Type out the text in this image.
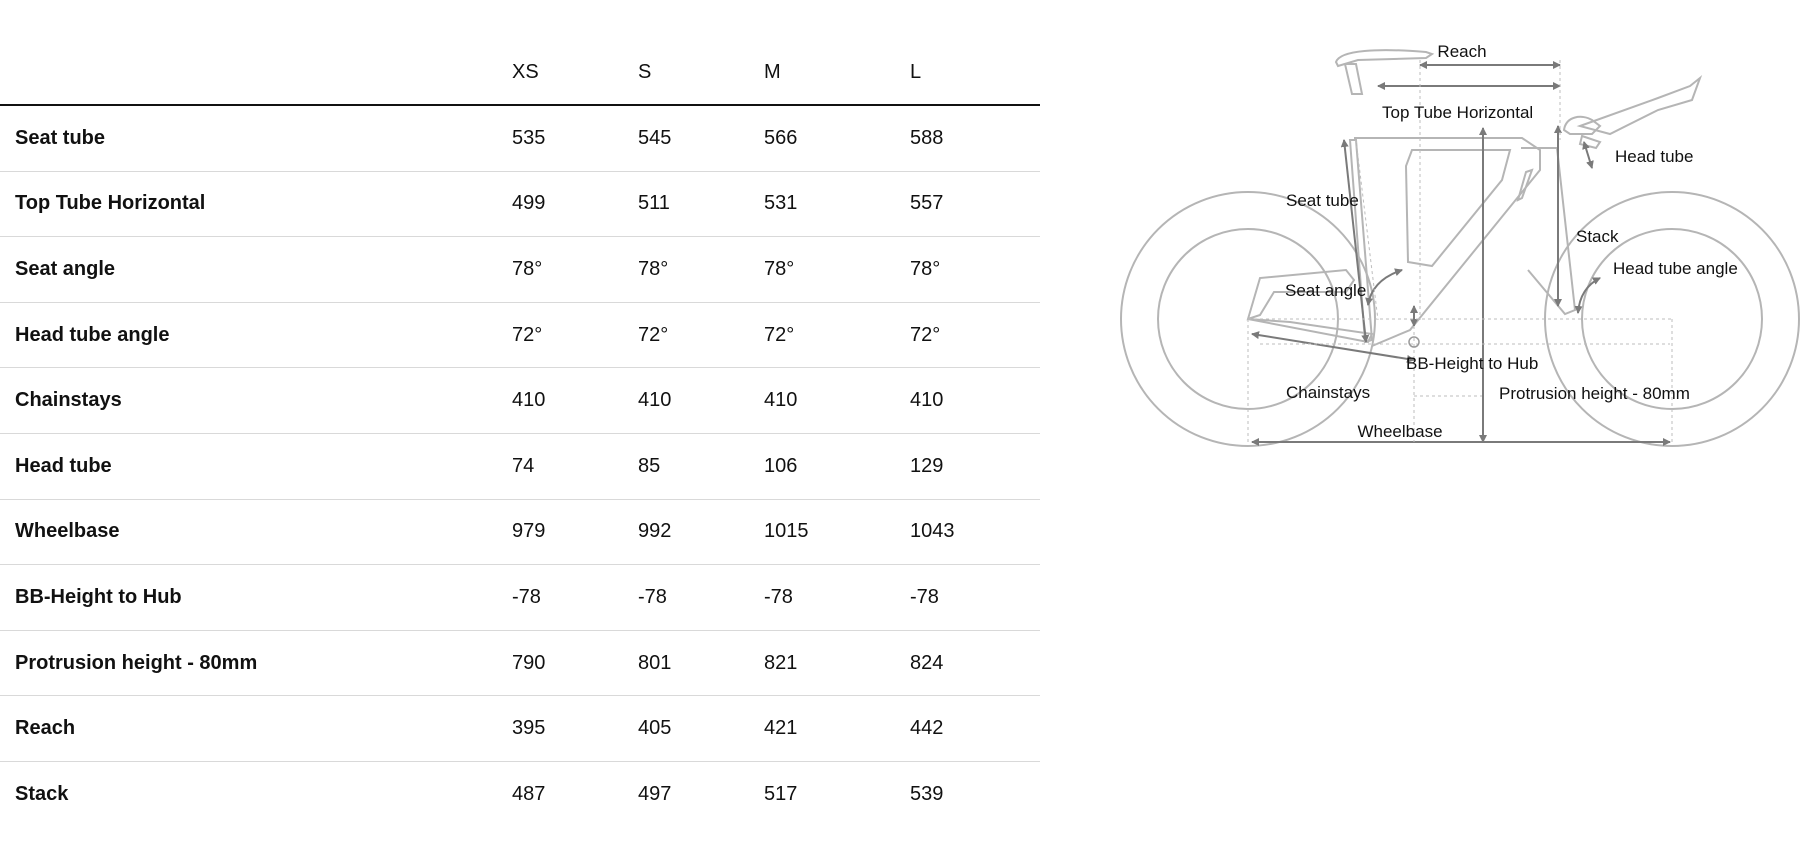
	XS	S	M	L
Seat tube	535	545	566	588
Top Tube Horizontal	499	511	531	557
Seat angle	78°	78°	78°	78°
Head tube angle	72°	72°	72°	72°
Chainstays	410	410	410	410
Head tube	74	85	106	129
Wheelbase	979	992	1015	1043
BB-Height to Hub	-78	-78	-78	-78
Protrusion height - 80mm	790	801	821	824
Reach	395	405	421	442
Stack	487	497	517	539
Reach
Top Tube Horizontal
Head tube
Seat tube
Stack
Head tube angle
Seat angle
BB-Height to Hub
Chainstays	Protrusion height - 80mm
Wheelbase
